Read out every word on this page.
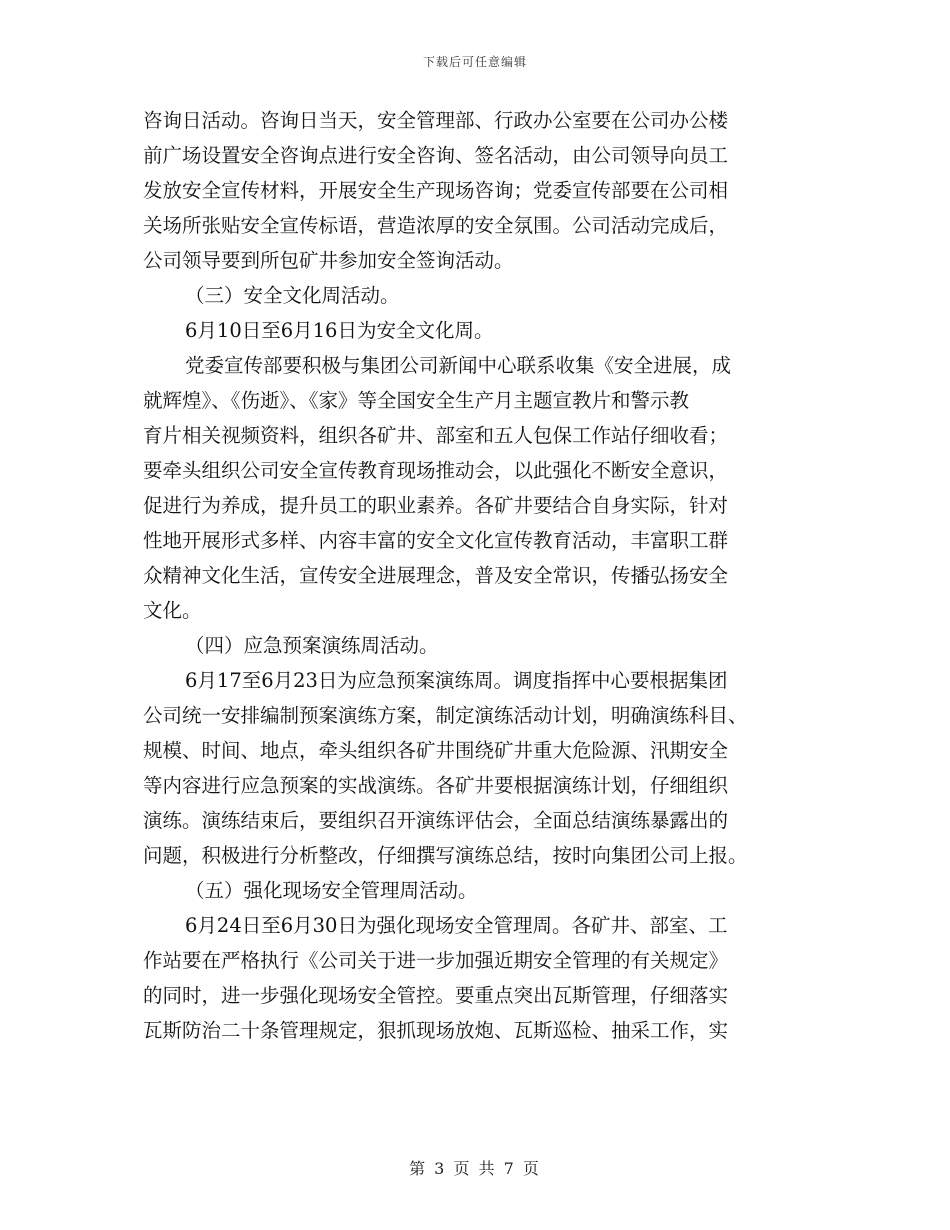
下载后可任意编辑
咨询日活动。咨询日当天，安全管理部、行政办公室要在公司办公楼
前广场设置安全咨询点进行安全咨询、签名活动，由公司领导向员工
发放安全宣传材料，开展安全生产现场咨询；党委宣传部要在公司相
关场所张贴安全宣传标语，营造浓厚的安全氛围。公司活动完成后，
公司领导要到所包矿井参加安全签询活动。
（三）安全文化周活动。
6月10日至6月16日为安全文化周。
党委宣传部要积极与集团公司新闻中心联系收集《安全进展，成
就辉煌》、《伤逝》、《家》等全国安全生产月主题宣教片和警示教
育片相关视频资料，组织各矿井、部室和五人包保工作站仔细收看；
要牵头组织公司安全宣传教育现场推动会，以此强化不断安全意识，
促进行为养成，提升员工的职业素养。各矿井要结合自身实际，针对
性地开展形式多样、内容丰富的安全文化宣传教育活动，丰富职工群
众精神文化生活，宣传安全进展理念，普及安全常识，传播弘扬安全
文化。
（四）应急预案演练周活动。
6月17至6月23日为应急预案演练周。调度指挥中心要根据集团
公司统一安排编制预案演练方案，制定演练活动计划，明确演练科目、
规模、时间、地点，牵头组织各矿井围绕矿井重大危险源、汛期安全
等内容进行应急预案的实战演练。各矿井要根据演练计划，仔细组织
演练。演练结束后，要组织召开演练评估会，全面总结演练暴露出的
问题，积极进行分析整改，仔细撰写演练总结，按时向集团公司上报。
（五）强化现场安全管理周活动。
6月24日至6月30日为强化现场安全管理周。各矿井、部室、工
作站要在严格执行《公司关于进一步加强近期安全管理的有关规定》
的同时，进一步强化现场安全管控。要重点突出瓦斯管理，仔细落实
瓦斯防治二十条管理规定，狠抓现场放炮、瓦斯巡检、抽采工作，实
第 3 页 共 7 页
